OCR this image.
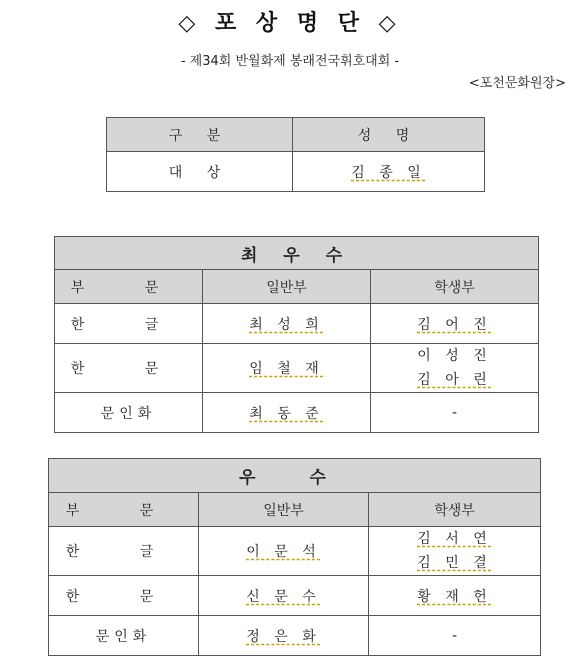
◇ 포 상 명 단 ◇
- 제34회 반월화제 봉래전국휘호대회 -
<포천문화원장>
구 분	성 명
대 상	김 종 일
최 우 수		
부 문	일반부	학생부
한 글	최 성 희	김 어 진
한 문	임 철 재	이 성 진
김 아 린

문인화	최 동 준	-
우 수		
부 문	일반부	학생부
한 글	이 문 석	김 서 연
김 민 결

한 문	신 문 수	황 재 헌
문인화	정 은 화	-
